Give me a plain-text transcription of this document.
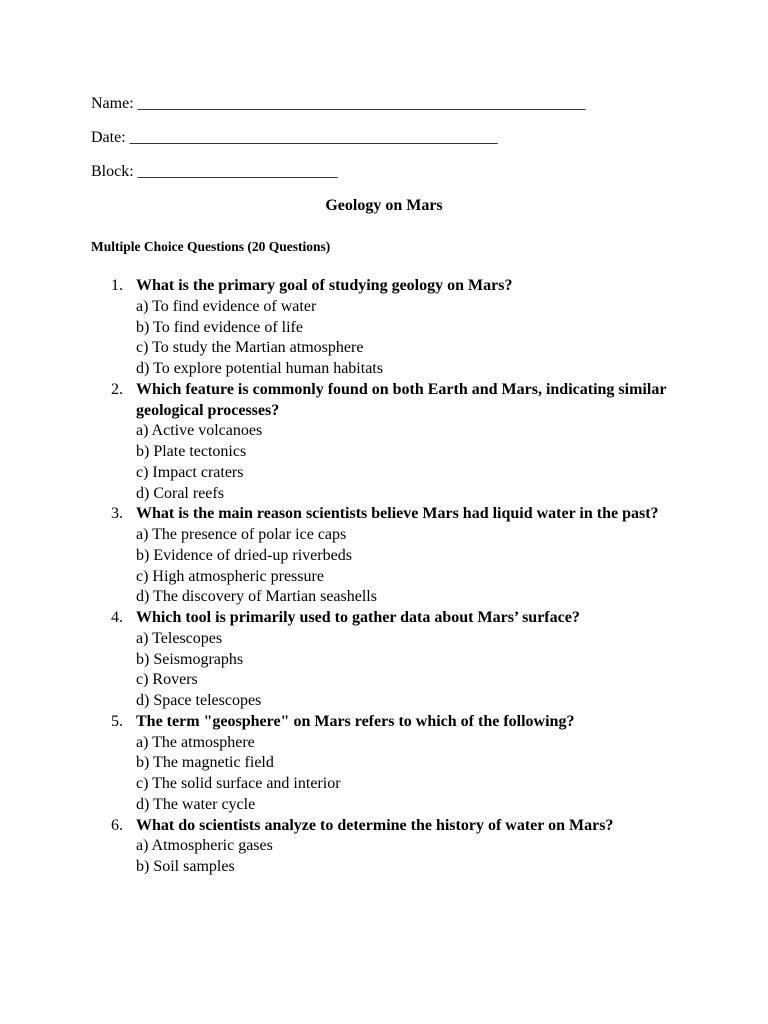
Name: ________________________________________________________
Date: ______________________________________________
Block: _________________________
Geology on Mars
Multiple Choice Questions (20 Questions)
1. What is the primary goal of studying geology on Mars?
a) To find evidence of water
b) To find evidence of life
c) To study the Martian atmosphere
d) To explore potential human habitats
2. Which feature is commonly found on both Earth and Mars, indicating similar geological processes?
a) Active volcanoes
b) Plate tectonics
c) Impact craters
d) Coral reefs
3. What is the main reason scientists believe Mars had liquid water in the past?
a) The presence of polar ice caps
b) Evidence of dried-up riverbeds
c) High atmospheric pressure
d) The discovery of Martian seashells
4. Which tool is primarily used to gather data about Mars’ surface?
a) Telescopes
b) Seismographs
c) Rovers
d) Space telescopes
5. The term "geosphere" on Mars refers to which of the following?
a) The atmosphere
b) The magnetic field
c) The solid surface and interior
d) The water cycle
6. What do scientists analyze to determine the history of water on Mars?
a) Atmospheric gases
b) Soil samples
